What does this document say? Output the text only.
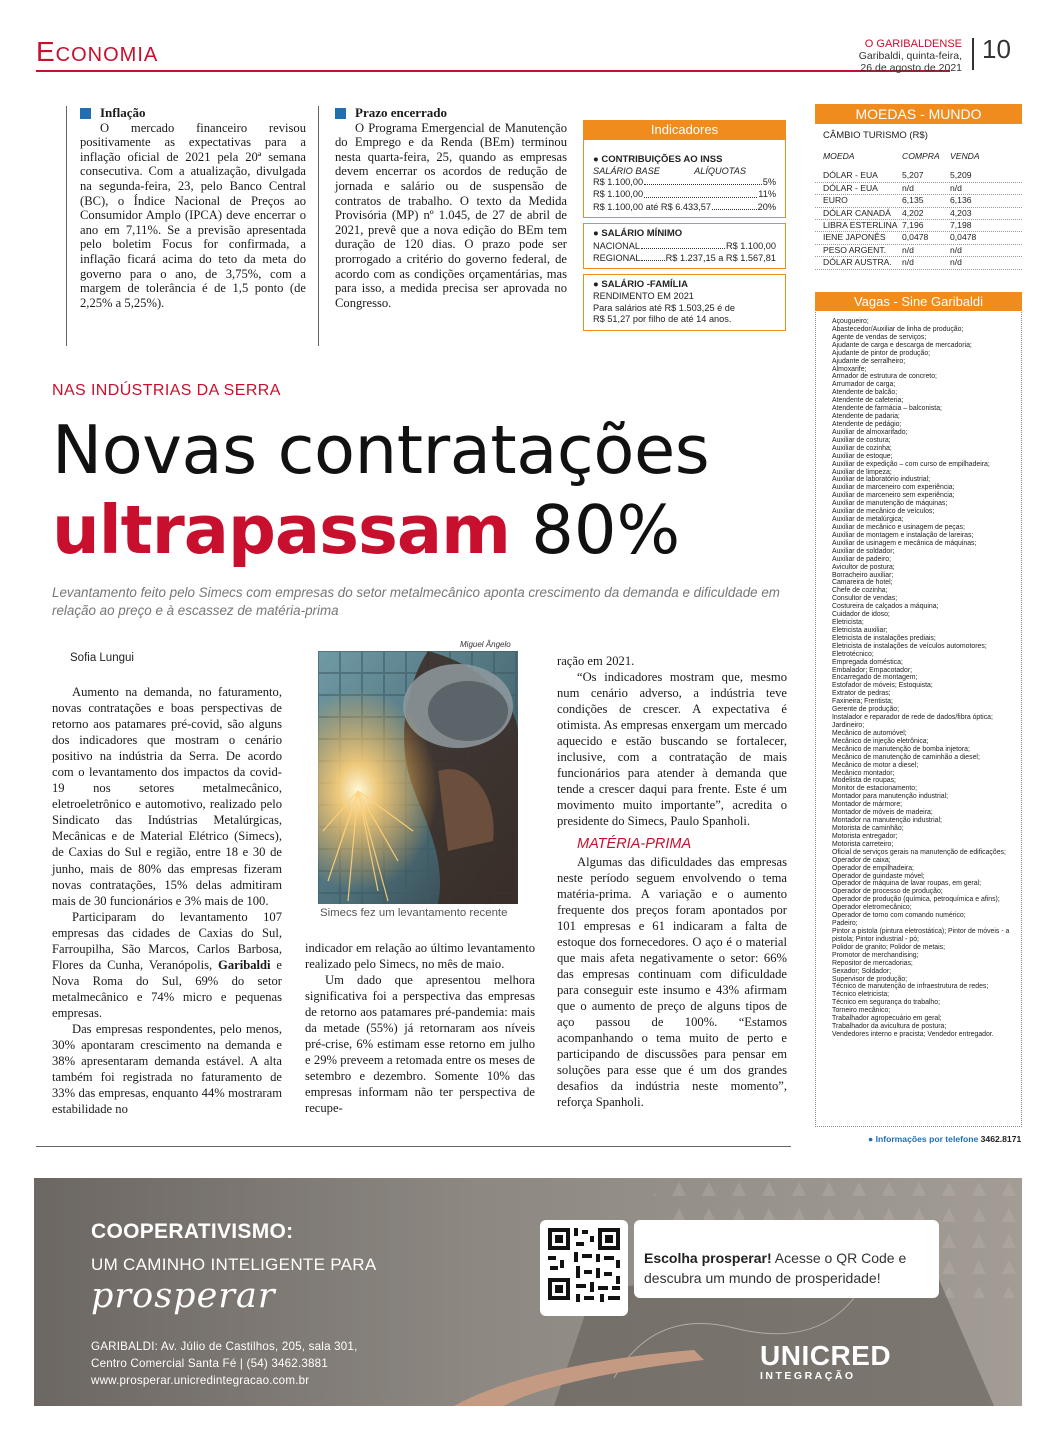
Economia	O GARIBALDENSE
Garibaldi, quinta-feira,
26 de agosto de 2021
10
Inflação

O mercado financeiro revisou positivamente as expectativas para a inflação oficial de 2021 pela 20ª semana consecutiva. Com a atualização, divulgada na segunda-feira, 23, pelo Banco Central (BC), o Índice Nacional de Preços ao Consumidor Amplo (IPCA) deve encerrar o ano em 7,11%. Se a previsão apresentada pelo boletim Focus for confirmada, a inflação ficará acima do teto da meta do governo para o ano, de 3,75%, com a margem de tolerância é de 1,5 ponto (de 2,25% a 5,25%).

Prazo encerrado

O Programa Emergencial de Manutenção do Emprego e da Renda (BEm) terminou nesta quarta-feira, 25, quando as empresas devem encerrar os acordos de redução de jornada e salário ou de suspensão de contratos de trabalho. O texto da Medida Provisória (MP) nº 1.045, de 27 de abril de 2021, prevê que a nova edição do BEm tem duração de 120 dias. O prazo pode ser prorrogado a critério do governo federal, de acordo com as condições orçamentárias, mas para isso, a medida precisa ser aprovada no Congresso.

Indicadores
● CONTRIBUIÇÕES AO INSS
SALÁRIO BASE	ALÍQUOTAS
R$ 1.100,00	5%
R$ 1.100,00	11%
R$ 1.100,00 até R$ 6.433,57	20%
● SALÁRIO MÍNIMO
NACIONAL	R$ 1.100,00
REGIONAL	R$ 1.237,15 a R$ 1.567,81
● SALÁRIO -FAMÍLIA
RENDIMENTO EM 2021
Para salários até R$ 1.503,25 é de
R$ 51,27 por filho de até 14 anos.
MOEDAS - MUNDO
CÂMBIO TURISMO (R$)
MOEDA	COMPRA	VENDA
DÓLAR - EUA	5,207	5,209
DÓLAR - EUA	n/d	n/d
EURO	6,135	6,136
DÓLAR CANADÁ	4,202	4,203
LIBRA ESTERLINA 7,196	7,198
IENE JAPONÊS	0,0478	0,0478
PESO ARGENT.	n/d	n/d
DÓLAR AUSTRA.	n/d	n/d
Vagas - Sine Garibaldi
Açougueiro;
Abastecedor/Auxiliar de linha de produção;
Agente de vendas de serviços;
Ajudante de carga e descarga de mercadoria;
Ajudante de pintor de produção;
Ajudante de serralheiro;
Almoxarife;
Armador de estrutura de concreto;
Arrumador de carga;
Atendente de balcão;
Atendente de cafeteria;
Atendente de farmácia – balconista;
Atendente de padaria;
Atendente de pedágio;
Auxiliar de almoxarifado;
Auxiliar de costura;
Auxiliar de cozinha;
Auxiliar de estoque;
Auxiliar de expedição – com curso de empilhadeira;
Auxiliar de limpeza;
Auxiliar de laboratório industrial;
Auxiliar de marceneiro com experiência;
Auxiliar de marceneiro sem experiência;
Auxiliar de manutenção de máquinas;
Auxiliar de mecânico de veículos;
Auxiliar de metalúrgica;
Auxiliar de mecânico e usinagem de peças;
Auxiliar de montagem e instalação de lareiras;
Auxiliar de usinagem e mecânica de máquinas;
Auxiliar de soldador;
Auxiliar de padeiro;
Avicultor de postura;
Borracheiro auxiliar;
Camareira de hotel;
Chefe de cozinha;
Consultor de vendas;
Costureira de calçados a máquina;
Cuidador de idoso;
Eletricista;
Eletricista auxiliar;
Eletricista de instalações prediais;
Eletricista de instalações de veículos automotores;
Eletrotécnico;
Empregada doméstica;
Embalador; Empacotador;
Encarregado de montagem;
Estofador de móveis; Estoquista;
Extrator de pedras;
Faxineira; Frentista;
Gerente de produção;
Instalador e reparador de rede de dados/fibra óptica;
Jardineiro;
Mecânico de automóvel;
Mecânico de injeção eletrônica;
Mecânico de manutenção de bomba injetora;
Mecânico de manutenção de caminhão a diesel;
Mecânico de motor a diesel;
Mecânico montador;
Modelista de roupas;
Monitor de estacionamento;
Montador para manutenção industrial;
Montador de mármore;
Montador de móveis de madeira;
Montador na manutenção industrial;
Motorista de caminhão;
Motorista entregador;
Motorista carreteiro;
Oficial de serviços gerais na manutenção de edificações;
Operador de caixa;
Operador de empilhadeira;
Operador de guindaste móvel;
Operador de máquina de lavar roupas, em geral;
Operador de processo de produção;
Operador de produção (química, petroquímica e afins);
Operador eletromecânico;
Operador de torno com comando numérico;
Padeiro;
Pintor a pistola (pintura eletrostática); Pintor de móveis - a pistola; Pintor industrial - pó;
Polidor de granito; Polidor de metais;
Promotor de merchandising;
Repositor de mercadorias;
Sexador; Soldador;
Supervisor de produção;
Técnico de manutenção de infraestrutura de redes;
Técnico eletricista;
Técnico em segurança do trabalho;
Torneiro mecânico;
Trabalhador agropecuário em geral;
Trabalhador da avicultura de postura;
Vendedores interno e pracista; Vendedor entregador.
● Informações por telefone 3462.8171
NAS INDÚSTRIAS DA SERRA
Novas contratações
ultrapassam 80%
Levantamento feito pelo Simecs com empresas do setor metalmecânico aponta crescimento da demanda e dificuldade em relação ao preço e à escassez de matéria-prima
Sofia Lungui

Aumento na demanda, no faturamento, novas contratações e boas perspectivas de retorno aos patamares pré-covid, são alguns dos indicadores que mostram o cenário positivo na indústria da Serra. De acordo com o levantamento dos impactos da covid-19 nos setores metalmecânico, eletroeletrônico e automotivo, realizado pelo Sindicato das Indústrias Metalúrgicas, Mecânicas e de Material Elétrico (Simecs), de Caxias do Sul e região, entre 18 e 30 de junho, mais de 80% das empresas fizeram novas contratações, 15% delas admitiram mais de 30 funcionários e 3% mais de 100.

Participaram do levantamento 107 empresas das cidades de Caxias do Sul, Farroupilha, São Marcos, Carlos Barbosa, Flores da Cunha, Veranópolis, Garibaldi e Nova Roma do Sul, 69% do setor metalmecânico e 74% micro e pequenas empresas.

Das empresas respondentes, pelo menos, 30% apontaram crescimento na demanda e 38% apresentaram demanda estável. A alta também foi registrada no faturamento de 33% das empresas, enquanto 44% mostraram estabilidade no

Miguel Ângelo
Simecs fez um levantamento recente

indicador em relação ao último levantamento realizado pelo Simecs, no mês de maio.

Um dado que apresentou melhora significativa foi a perspectiva das empresas de retorno aos patamares pré-pandemia: mais da metade (55%) já retornaram aos níveis pré-crise, 6% estimam esse retorno em julho e 29% preveem a retomada entre os meses de setembro e dezembro. Somente 10% das empresas informam não ter perspectiva de recupe-

ração em 2021.

“Os indicadores mostram que, mesmo num cenário adverso, a indústria teve condições de crescer. A expectativa é otimista. As empresas enxergam um mercado aquecido e estão buscando se fortalecer, inclusive, com a contratação de mais funcionários para atender à demanda que tende a crescer daqui para frente. Este é um movimento muito importante”, acredita o presidente do Simecs, Paulo Spanholi.

MATÉRIA-PRIMA

Algumas das dificuldades das empresas neste período seguem envolvendo o tema matéria-prima. A variação e o aumento frequente dos preços foram apontados por 101 empresas e 61 indicaram a falta de estoque dos fornecedores. O aço é o material que mais afeta negativamente o setor: 66% das empresas continuam com dificuldade para conseguir este insumo e 43% afirmam que o aumento de preço de alguns tipos de aço passou de 100%. “Estamos acompanhando o tema muito de perto e participando de discussões para pensar em soluções para esse que é um dos grandes desafios da indústria neste momento”, reforça Spanholi.

COOPERATIVISMO:
UM CAMINHO INTELIGENTE PARA
prosperar
GARIBALDI: Av. Júlio de Castilhos, 205, sala 301,
Centro Comercial Santa Fé | (54) 3462.3881
www.prosperar.unicredintegracao.com.br
Escolha prosperar! Acesse o QR Code e
descubra um mundo de prosperidade!
UNICRED
INTEGRAÇÃO
